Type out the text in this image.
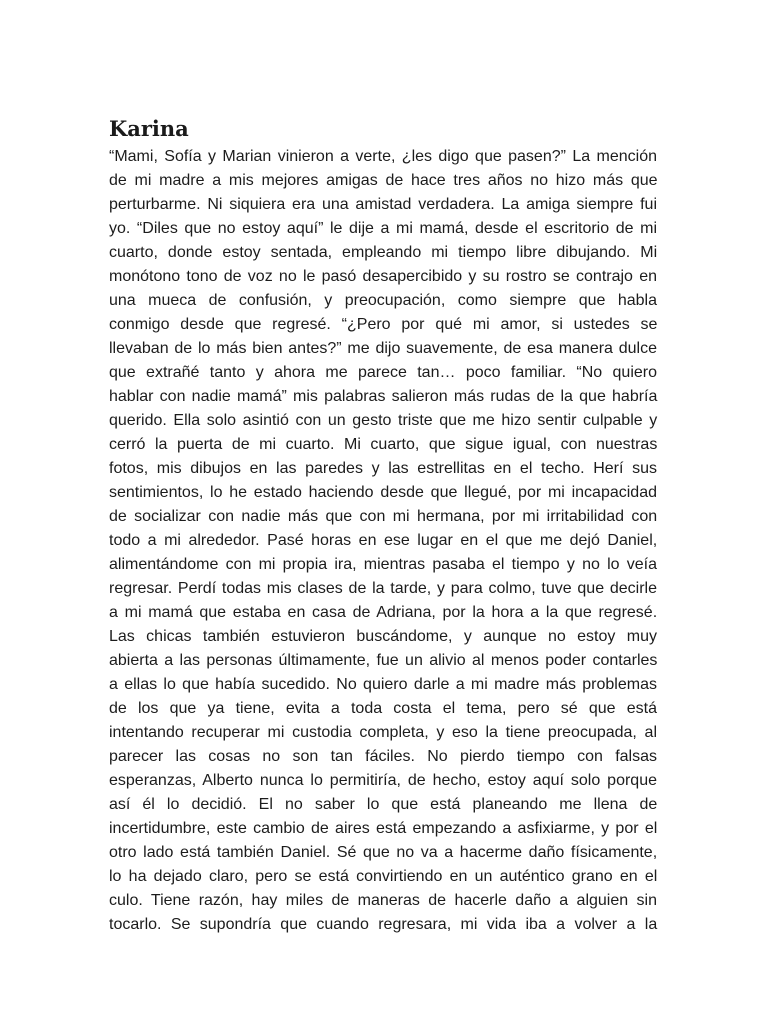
Karina
“Mami, Sofía y Marian vinieron a verte, ¿les digo que pasen?” La mención
de mi madre a mis mejores amigas de hace tres años no hizo más que
perturbarme. Ni siquiera era una amistad verdadera. La amiga siempre fui
yo. “Diles que no estoy aquí” le dije a mi mamá, desde el escritorio de mi
cuarto, donde estoy sentada, empleando mi tiempo libre dibujando. Mi
monótono tono de voz no le pasó desapercibido y su rostro se contrajo en
una mueca de confusión, y preocupación, como siempre que habla
conmigo desde que regresé. “¿Pero por qué mi amor, si ustedes se
llevaban de lo más bien antes?” me dijo suavemente, de esa manera dulce
que extrañé tanto y ahora me parece tan… poco familiar. “No quiero
hablar con nadie mamá” mis palabras salieron más rudas de la que habría
querido. Ella solo asintió con un gesto triste que me hizo sentir culpable y
cerró la puerta de mi cuarto. Mi cuarto, que sigue igual, con nuestras
fotos, mis dibujos en las paredes y las estrellitas en el techo. Herí sus
sentimientos, lo he estado haciendo desde que llegué, por mi incapacidad
de socializar con nadie más que con mi hermana, por mi irritabilidad con
todo a mi alrededor. Pasé horas en ese lugar en el que me dejó Daniel,
alimentándome con mi propia ira, mientras pasaba el tiempo y no lo veía
regresar. Perdí todas mis clases de la tarde, y para colmo, tuve que decirle
a mi mamá que estaba en casa de Adriana, por la hora a la que regresé.
Las chicas también estuvieron buscándome, y aunque no estoy muy
abierta a las personas últimamente, fue un alivio al menos poder contarles
a ellas lo que había sucedido. No quiero darle a mi madre más problemas
de los que ya tiene, evita a toda costa el tema, pero sé que está
intentando recuperar mi custodia completa, y eso la tiene preocupada, al
parecer las cosas no son tan fáciles. No pierdo tiempo con falsas
esperanzas, Alberto nunca lo permitiría, de hecho, estoy aquí solo porque
así él lo decidió. El no saber lo que está planeando me llena de
incertidumbre, este cambio de aires está empezando a asfixiarme, y por el
otro lado está también Daniel. Sé que no va a hacerme daño físicamente,
lo ha dejado claro, pero se está convirtiendo en un auténtico grano en el
culo. Tiene razón, hay miles de maneras de hacerle daño a alguien sin
tocarlo. Se supondría que cuando regresara, mi vida iba a volver a la
